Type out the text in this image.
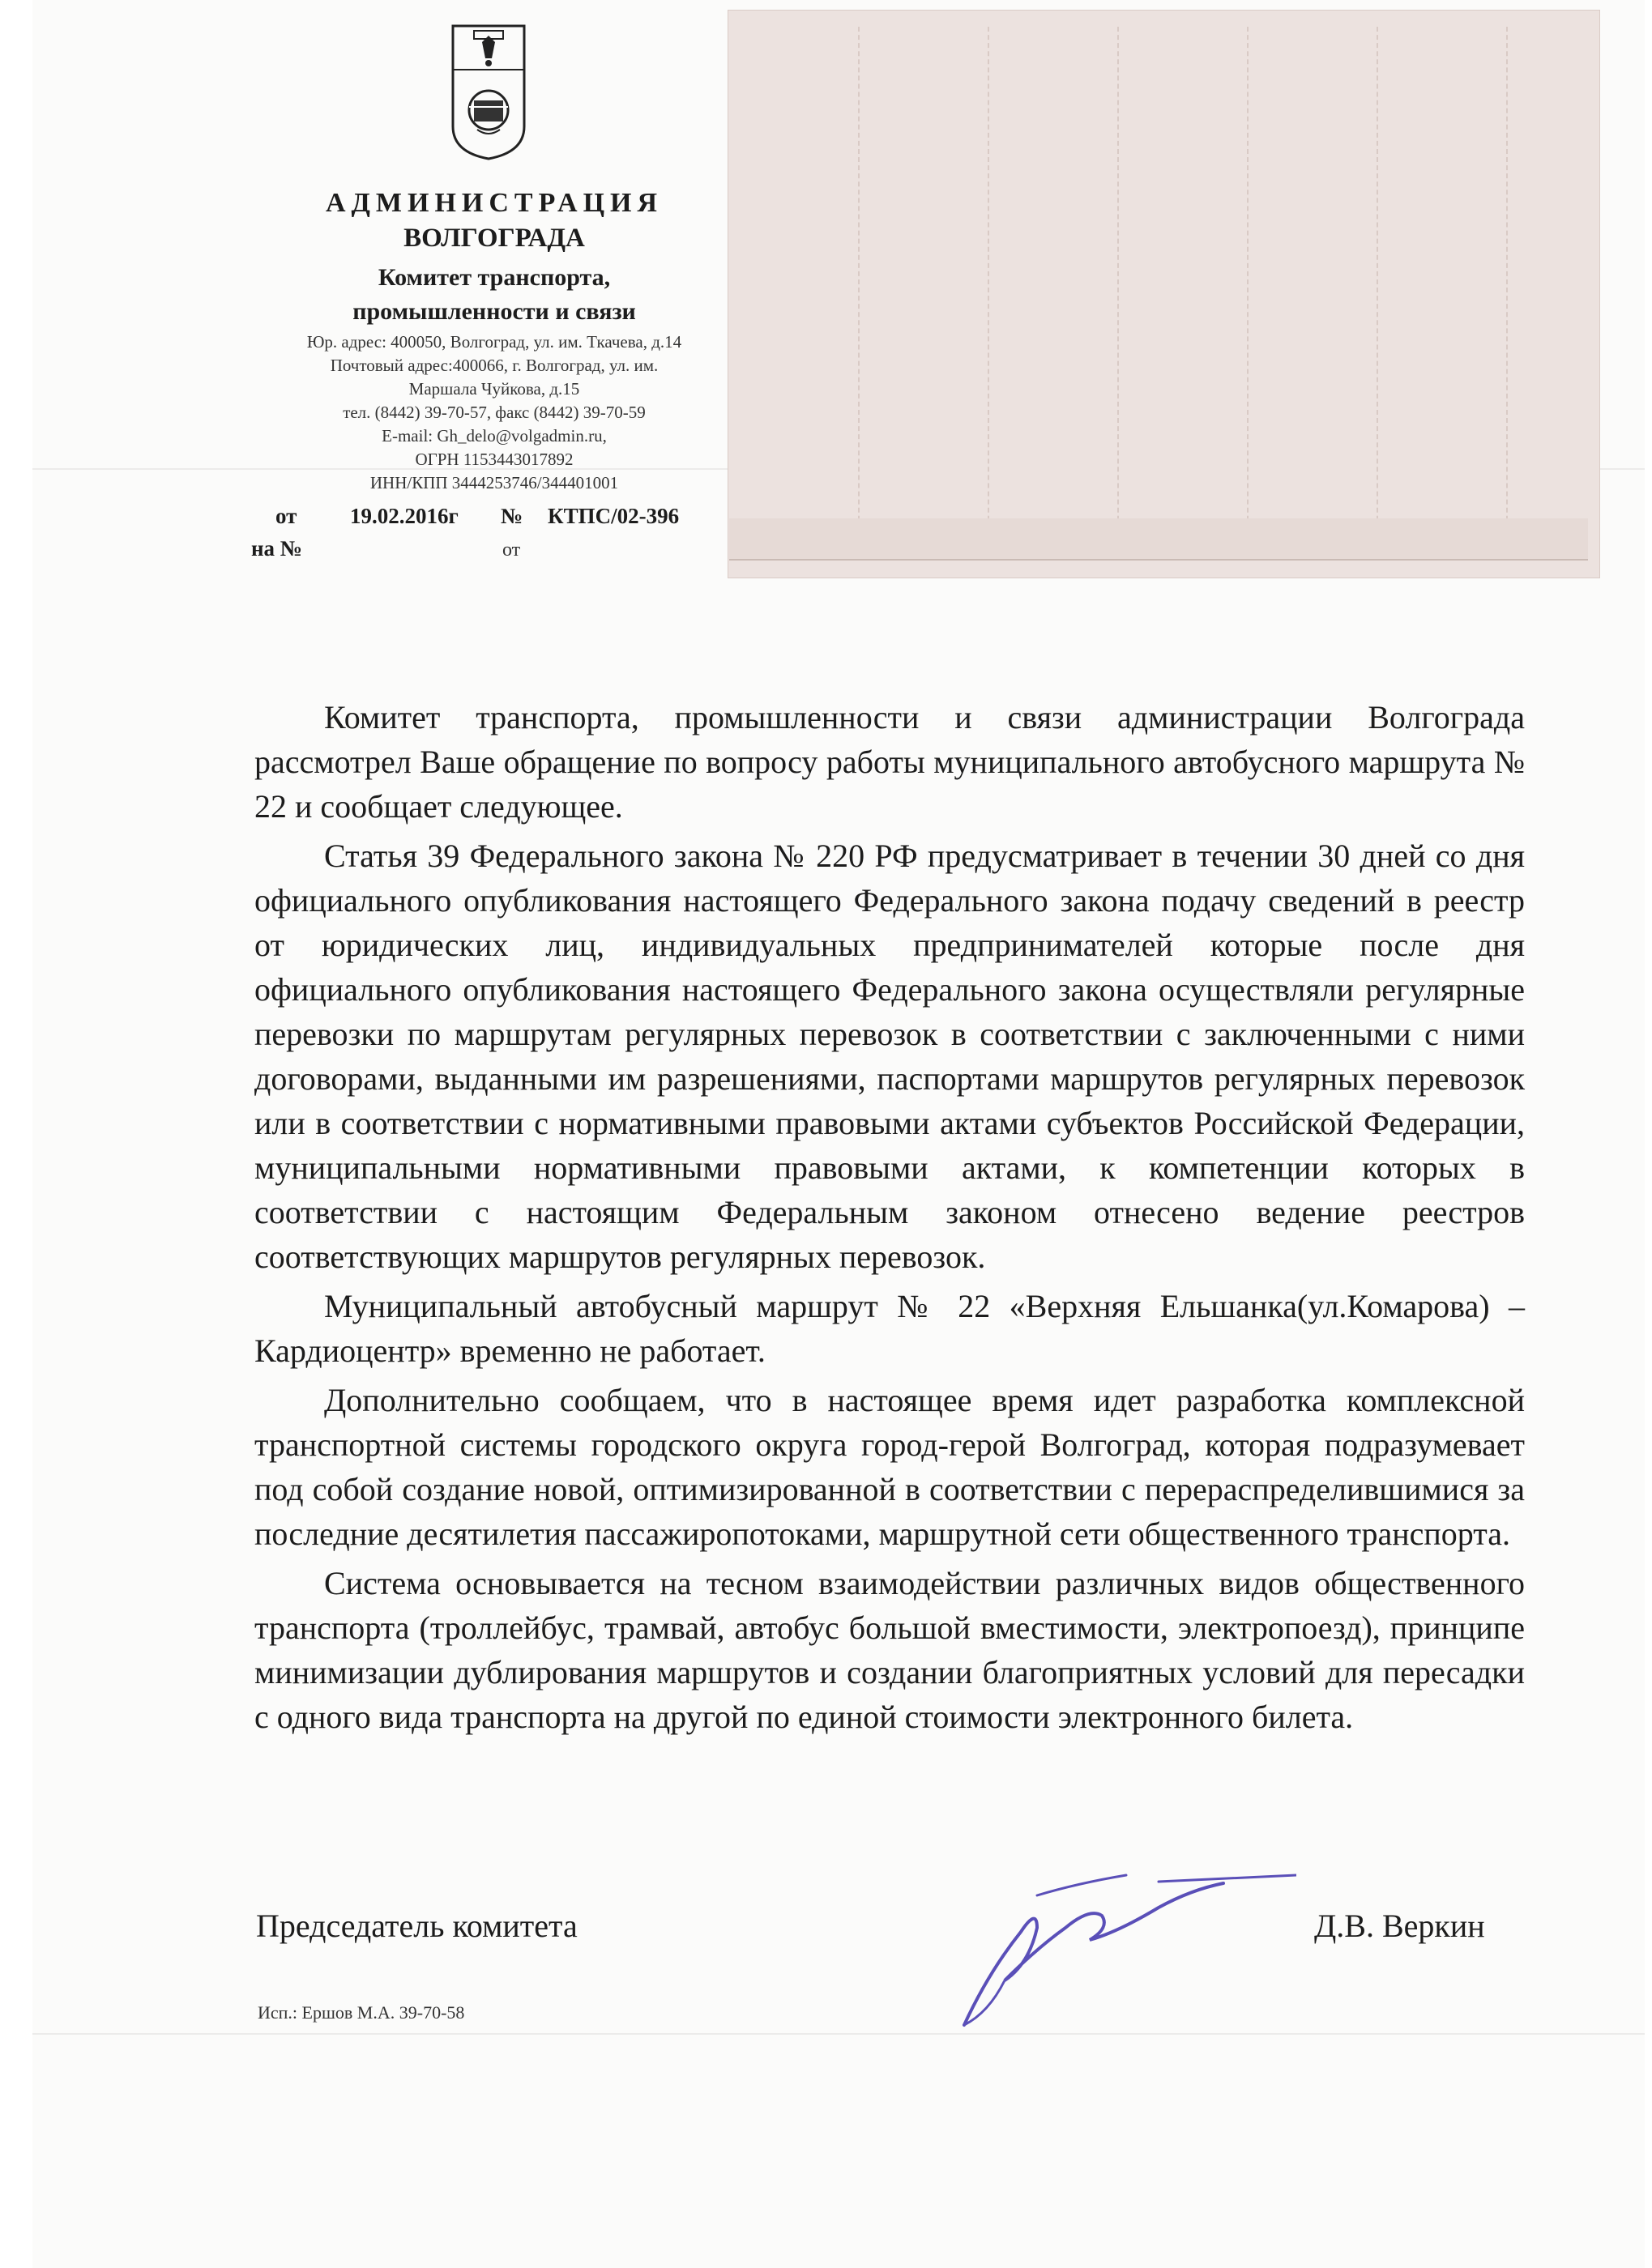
АДМИНИСТРАЦИЯ
ВОЛГОГРАДА
Комитет транспорта,
промышленности и связи
Юр. адрес: 400050, Волгоград, ул. им. Ткачева, д.14
Почтовый адрес:400066, г. Волгоград, ул. им.
Маршала Чуйкова, д.15
тел. (8442) 39-70-57, факс (8442) 39-70-59
E-mail: Gh_delo@volgadmin.ru,
ОГРН 1153443017892
ИНН/КПП 3444253746/344401001
от 19.02.2016г № КТПС/02-396
на №	от

Комитет транспорта, промышленности и связи администрации Волгограда рассмотрел Ваше обращение по вопросу работы муниципального автобусного маршрута № 22 и сообщает следующее.

Статья 39 Федерального закона № 220 РФ предусматривает в течении 30 дней со дня официального опубликования настоящего Федерального закона подачу сведений в реестр от юридических лиц, индивидуальных предпринимателей которые после дня официального опубликования настоящего Федерального закона осуществляли регулярные перевозки по маршрутам регулярных перевозок в соответствии с заключенными с ними договорами, выданными им разрешениями, паспортами маршрутов регулярных перевозок или в соответствии с нормативными правовыми актами субъектов Российской Федерации, муниципальными нормативными правовыми актами, к компетенции которых в соответствии с настоящим Федеральным законом отнесено ведение реестров соответствующих маршрутов регулярных перевозок.

Муниципальный автобусный маршрут № 22 «Верхняя Ельшанка(ул.Комарова) – Кардиоцентр» временно не работает.

Дополнительно сообщаем, что в настоящее время идет разработка комплексной транспортной системы городского округа город-герой Волгоград, которая подразумевает под собой создание новой, оптимизированной в соответствии с перераспределившимися за последние десятилетия пассажиропотоками, маршрутной сети общественного транспорта.

Система основывается на тесном взаимодействии различных видов общественного транспорта (троллейбус, трамвай, автобус большой вместимости, электропоезд), принципе минимизации дублирования маршрутов и создании благоприятных условий для пересадки с одного вида транспорта на другой по единой стоимости электронного билета.

Председатель комитета	Д.В. Веркин
Исп.: Ершов М.А. 39-70-58
